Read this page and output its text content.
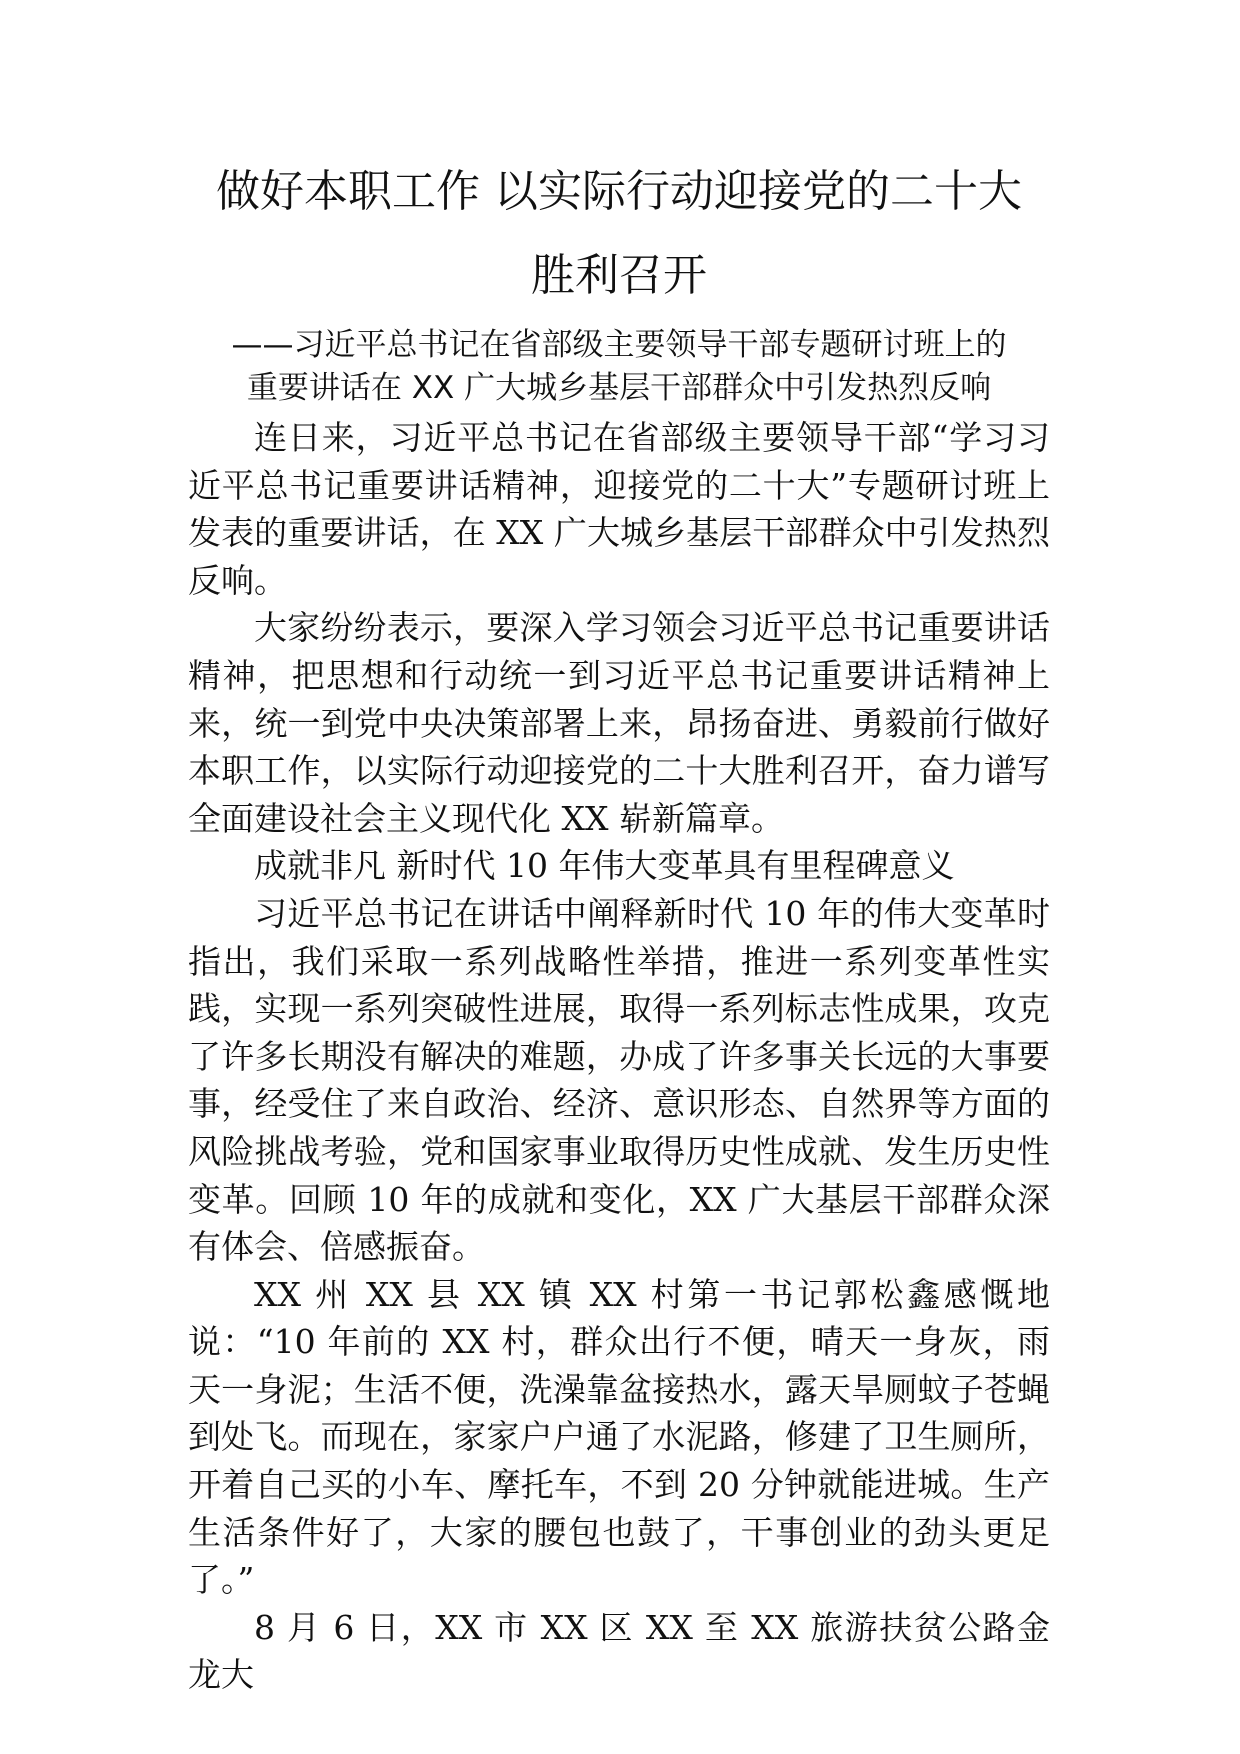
做好本职工作 以实际行动迎接党的二十大
胜利召开

——习近平总书记在省部级主要领导干部专题研讨班上的

重要讲话在 XX 广大城乡基层干部群众中引发热烈反响

连日来，习近平总书记在省部级主要领导干部“学习习近平总书记重要讲话精神，迎接党的二十大”专题研讨班上发表的重要讲话，在 XX 广大城乡基层干部群众中引发热烈反响。

大家纷纷表示，要深入学习领会习近平总书记重要讲话精神，把思想和行动统一到习近平总书记重要讲话精神上来，统一到党中央决策部署上来，昂扬奋进、勇毅前行做好本职工作，以实际行动迎接党的二十大胜利召开，奋力谱写全面建设社会主义现代化 XX 崭新篇章。

成就非凡 新时代 10 年伟大变革具有里程碑意义

习近平总书记在讲话中阐释新时代 10 年的伟大变革时指出，我们采取一系列战略性举措，推进一系列变革性实践，实现一系列突破性进展，取得一系列标志性成果，攻克了许多长期没有解决的难题，办成了许多事关长远的大事要事，经受住了来自政治、经济、意识形态、自然界等方面的风险挑战考验，党和国家事业取得历史性成就、发生历史性变革。回顾 10 年的成就和变化，XX 广大基层干部群众深有体会、倍感振奋。

XX 州 XX 县 XX 镇 XX 村第一书记郭松鑫感慨地说：“10 年前的 XX 村，群众出行不便，晴天一身灰，雨天一身泥；生活不便，洗澡靠盆接热水，露天旱厕蚊子苍蝇到处飞。而现在，家家户户通了水泥路，修建了卫生厕所，开着自己买的小车、摩托车，不到 20 分钟就能进城。生产生活条件好了，大家的腰包也鼓了，干事创业的劲头更足了。”

8 月 6 日，XX 市 XX 区 XX 至 XX 旅游扶贫公路金龙大
